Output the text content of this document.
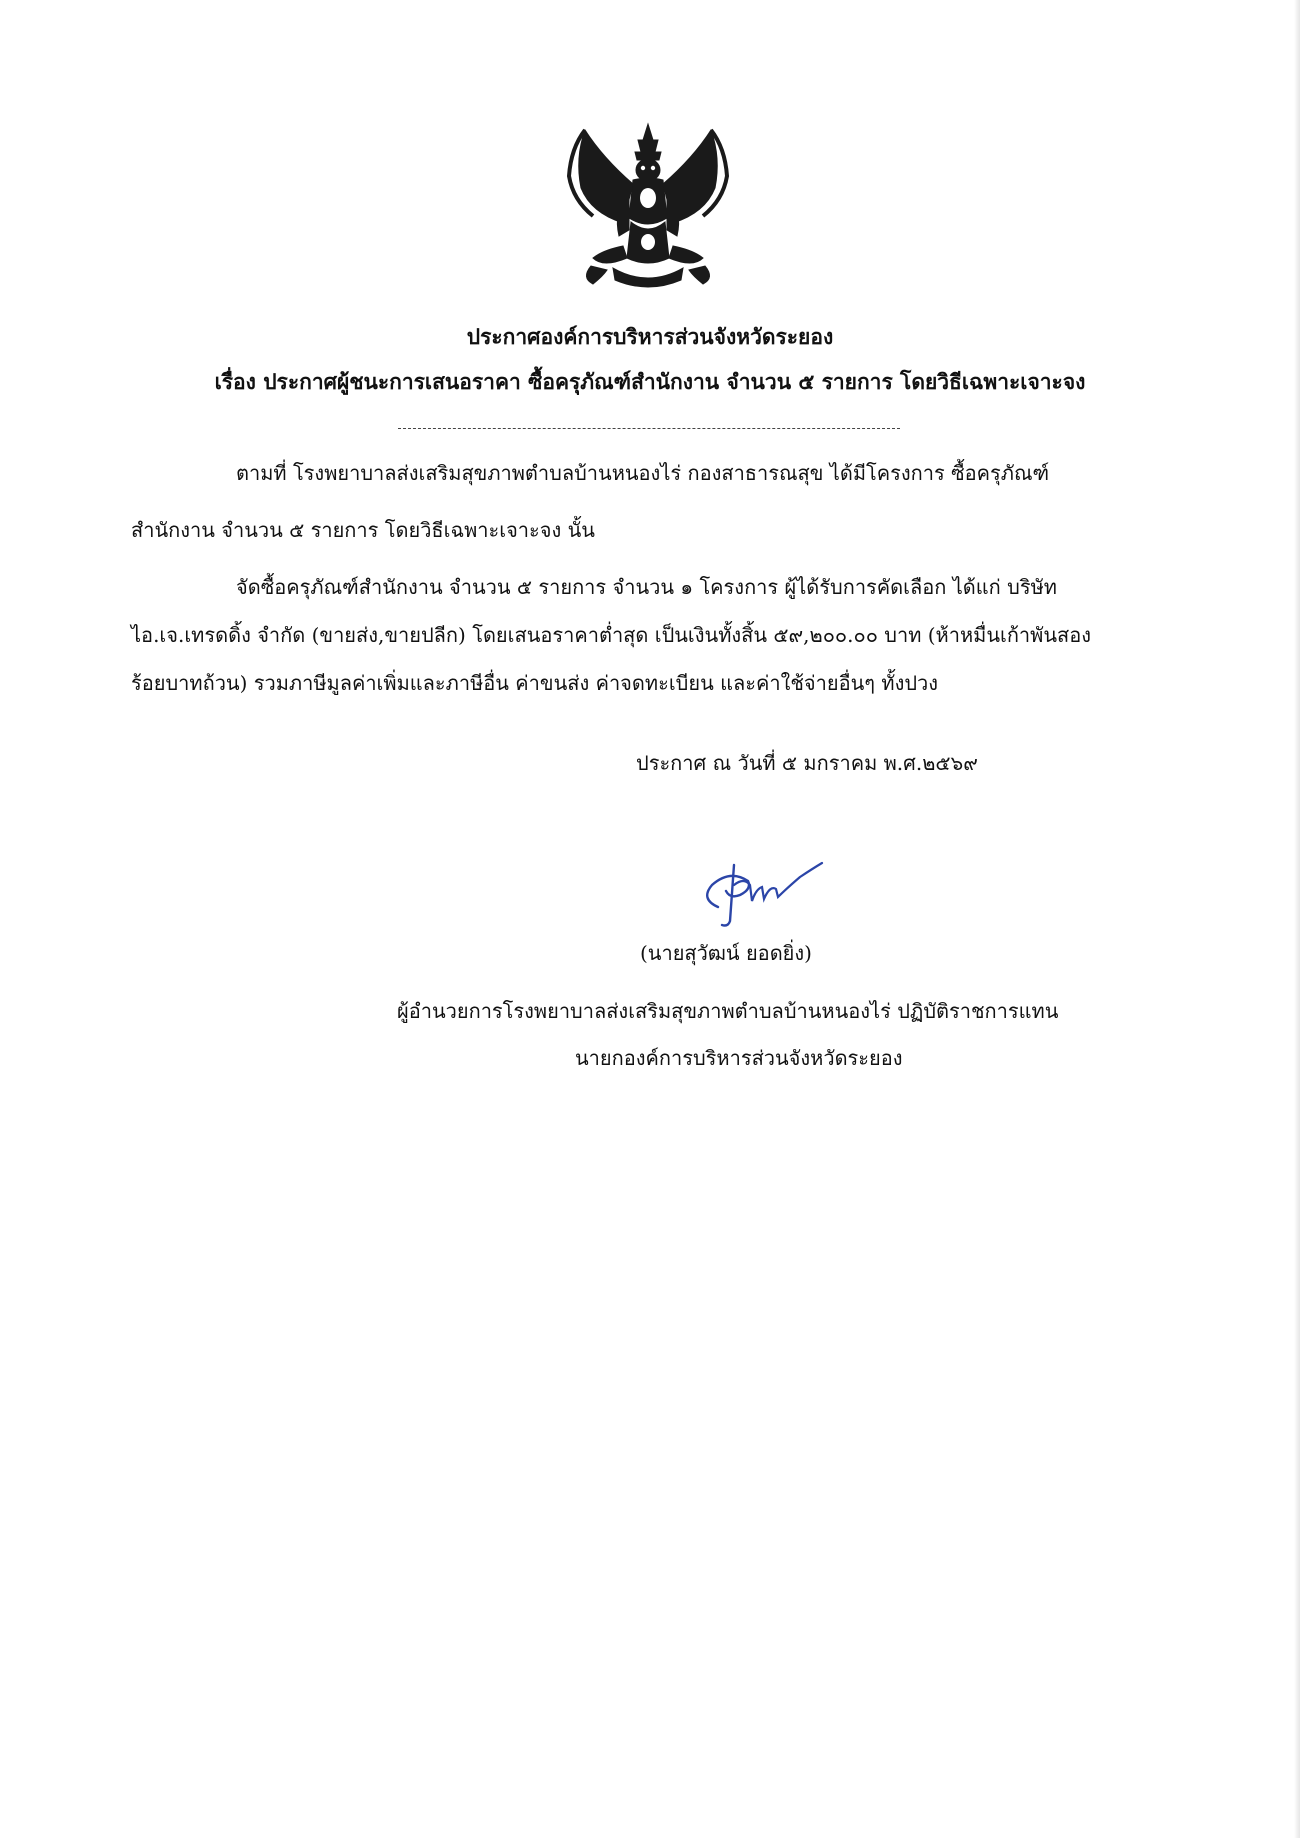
ประกาศองค์การบริหารส่วนจังหวัดระยอง
เรื่อง ประกาศผู้ชนะการเสนอราคา ซื้อครุภัณฑ์สำนักงาน จำนวน ๕ รายการ โดยวิธีเฉพาะเจาะจง
ตามที่ โรงพยาบาลส่งเสริมสุขภาพตำบลบ้านหนองไร่ กองสาธารณสุข ได้มีโครงการ ซื้อครุภัณฑ์
สำนักงาน จำนวน ๕ รายการ โดยวิธีเฉพาะเจาะจง นั้น
จัดซื้อครุภัณฑ์สำนักงาน จำนวน ๕ รายการ จำนวน ๑ โครงการ ผู้ได้รับการคัดเลือก ได้แก่ บริษัท
ไอ.เจ.เทรดดิ้ง จำกัด (ขายส่ง,ขายปลีก) โดยเสนอราคาต่ำสุด เป็นเงินทั้งสิ้น ๕๙,๒๐๐.๐๐ บาท (ห้าหมื่นเก้าพันสอง
ร้อยบาทถ้วน) รวมภาษีมูลค่าเพิ่มและภาษีอื่น ค่าขนส่ง ค่าจดทะเบียน และค่าใช้จ่ายอื่นๆ ทั้งปวง
ประกาศ ณ วันที่ ๕ มกราคม พ.ศ.๒๕๖๙
(นายสุวัฒน์ ยอดยิ่ง)
ผู้อำนวยการโรงพยาบาลส่งเสริมสุขภาพตำบลบ้านหนองไร่ ปฏิบัติราชการแทน
นายกองค์การบริหารส่วนจังหวัดระยอง
